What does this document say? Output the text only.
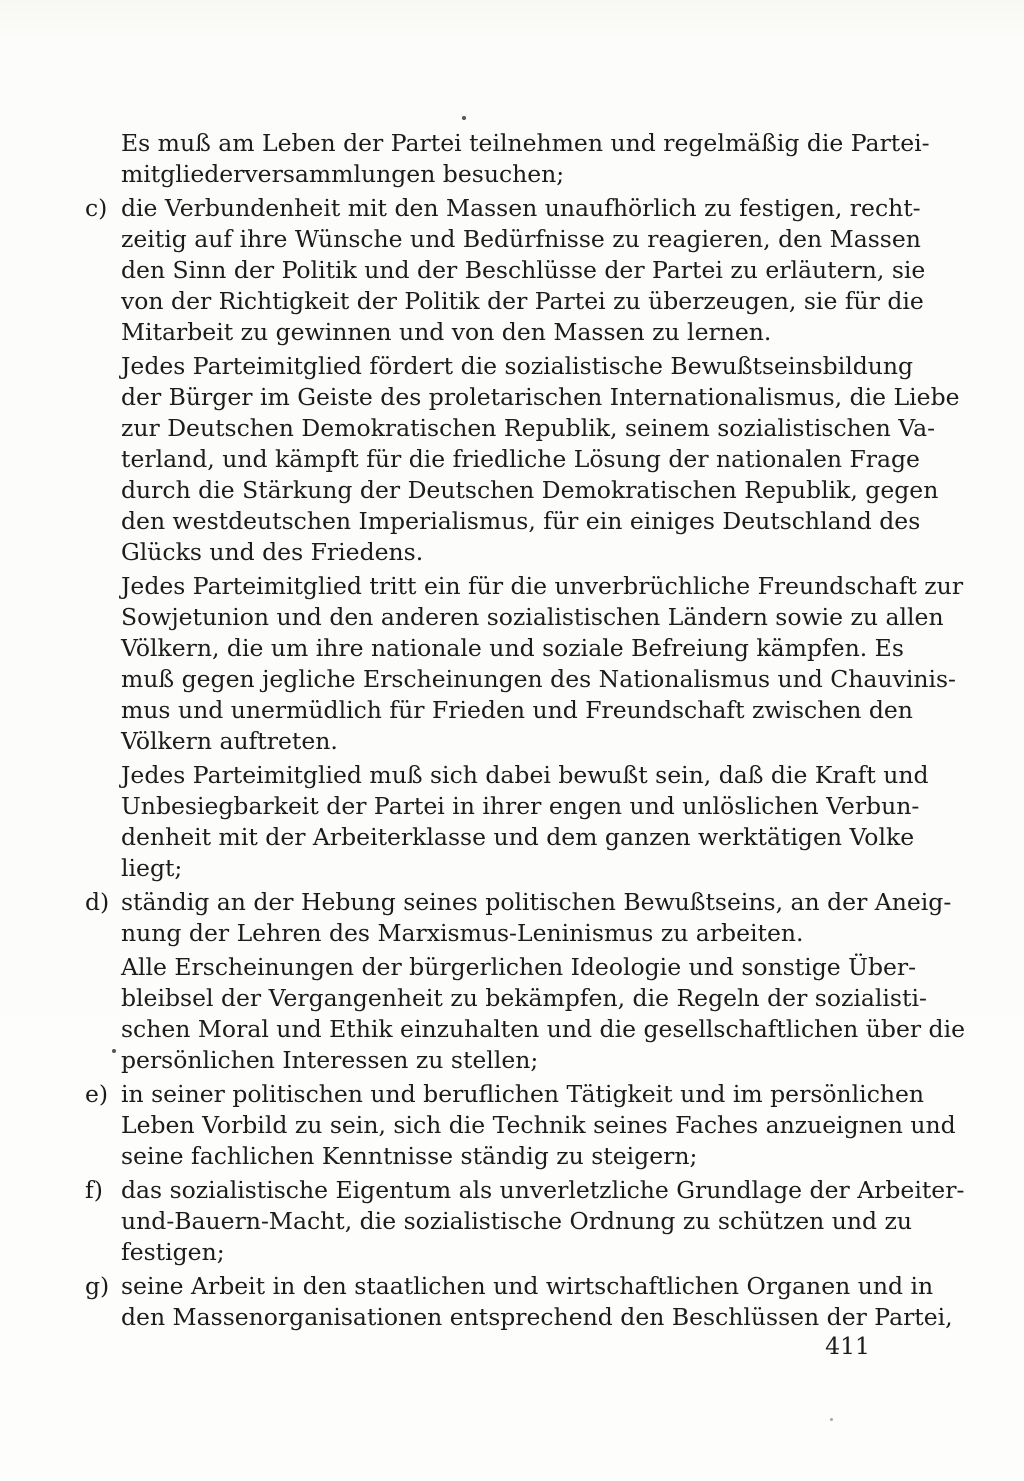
Es muß am Leben der Partei teilnehmen und regelmäßig die Partei-
mitgliederversammlungen besuchen;
c) die Verbundenheit mit den Massen unaufhörlich zu festigen, recht-
zeitig auf ihre Wünsche und Bedürfnisse zu reagieren, den Massen
den Sinn der Politik und der Beschlüsse der Partei zu erläutern, sie
von der Richtigkeit der Politik der Partei zu überzeugen, sie für die
Mitarbeit zu gewinnen und von den Massen zu lernen.
Jedes Parteimitglied fördert die sozialistische Bewußtseinsbildung
der Bürger im Geiste des proletarischen Internationalismus, die Liebe
zur Deutschen Demokratischen Republik, seinem sozialistischen Va-
terland, und kämpft für die friedliche Lösung der nationalen Frage
durch die Stärkung der Deutschen Demokratischen Republik, gegen
den westdeutschen Imperialismus, für ein einiges Deutschland des
Glücks und des Friedens.
Jedes Parteimitglied tritt ein für die unverbrüchliche Freundschaft zur
Sowjetunion und den anderen sozialistischen Ländern sowie zu allen
Völkern, die um ihre nationale und soziale Befreiung kämpfen. Es
muß gegen jegliche Erscheinungen des Nationalismus und Chauvinis-
mus und unermüdlich für Frieden und Freundschaft zwischen den
Völkern auftreten.
Jedes Parteimitglied muß sich dabei bewußt sein, daß die Kraft und
Unbesiegbarkeit der Partei in ihrer engen und unlöslichen Verbun-
denheit mit der Arbeiterklasse und dem ganzen werktätigen Volke
liegt;
d) ständig an der Hebung seines politischen Bewußtseins, an der Aneig-
nung der Lehren des Marxismus-Leninismus zu arbeiten.
Alle Erscheinungen der bürgerlichen Ideologie und sonstige Über-
bleibsel der Vergangenheit zu bekämpfen, die Regeln der sozialisti-
schen Moral und Ethik einzuhalten und die gesellschaftlichen über die
persönlichen Interessen zu stellen;
e) in seiner politischen und beruflichen Tätigkeit und im persönlichen
Leben Vorbild zu sein, sich die Technik seines Faches anzueignen und
seine fachlichen Kenntnisse ständig zu steigern;
f) das sozialistische Eigentum als unverletzliche Grundlage der Arbeiter-
und-Bauern-Macht, die sozialistische Ordnung zu schützen und zu
festigen;
g) seine Arbeit in den staatlichen und wirtschaftlichen Organen und in
den Massenorganisationen entsprechend den Beschlüssen der Partei,
411
